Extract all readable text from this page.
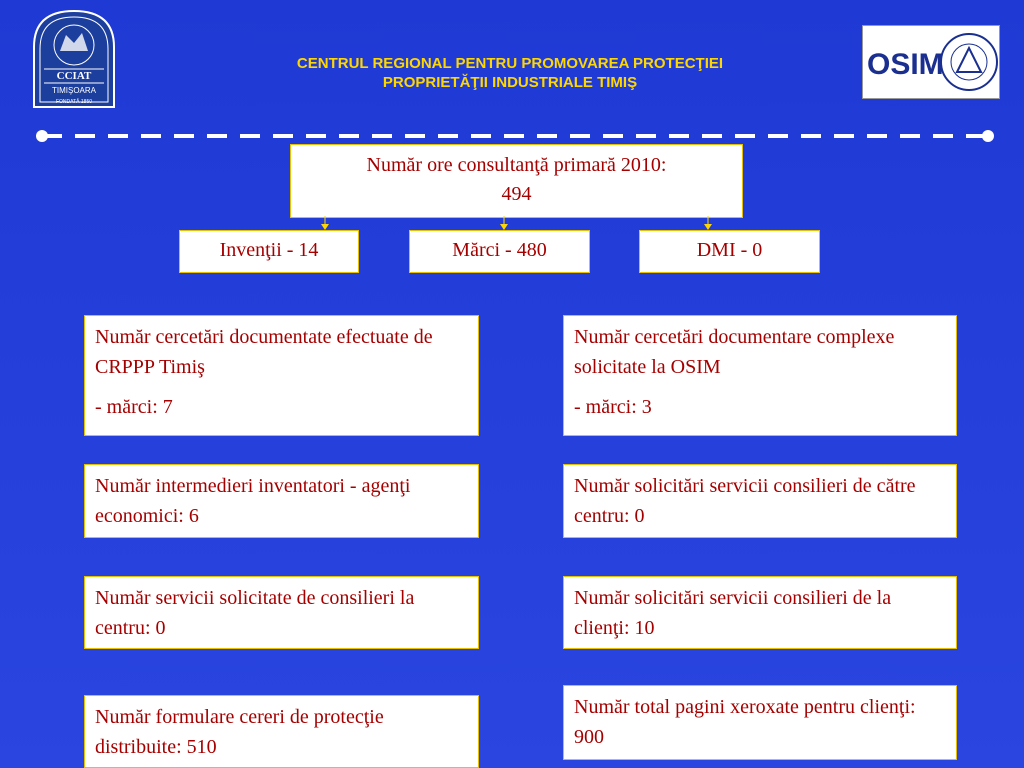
CCIAT
TIMIŞOARA
FONDATĂ 1850
CENTRUL REGIONAL PENTRU PROMOVAREA PROTECŢIEI
PROPRIETĂŢII INDUSTRIALE TIMIŞ
OSIM

Număr ore consultanţă primară 2010:

494

Invenţii - 14	Mărci - 480	DMI - 0

Număr cercetări documentate efectuate de CRPPP Timiş

- mărci: 7

Număr intermedieri inventatori - agenţi economici: 6

Număr servicii solicitate de consilieri la centru: 0

Număr formulare cereri de protecţie distribuite: 510

Număr cercetări documentare complexe solicitate la OSIM

- mărci: 3

Număr solicitări servicii consilieri de către centru: 0

Număr solicitări servicii consilieri de la clienţi: 10

Număr total pagini xeroxate pentru clienţi: 900
